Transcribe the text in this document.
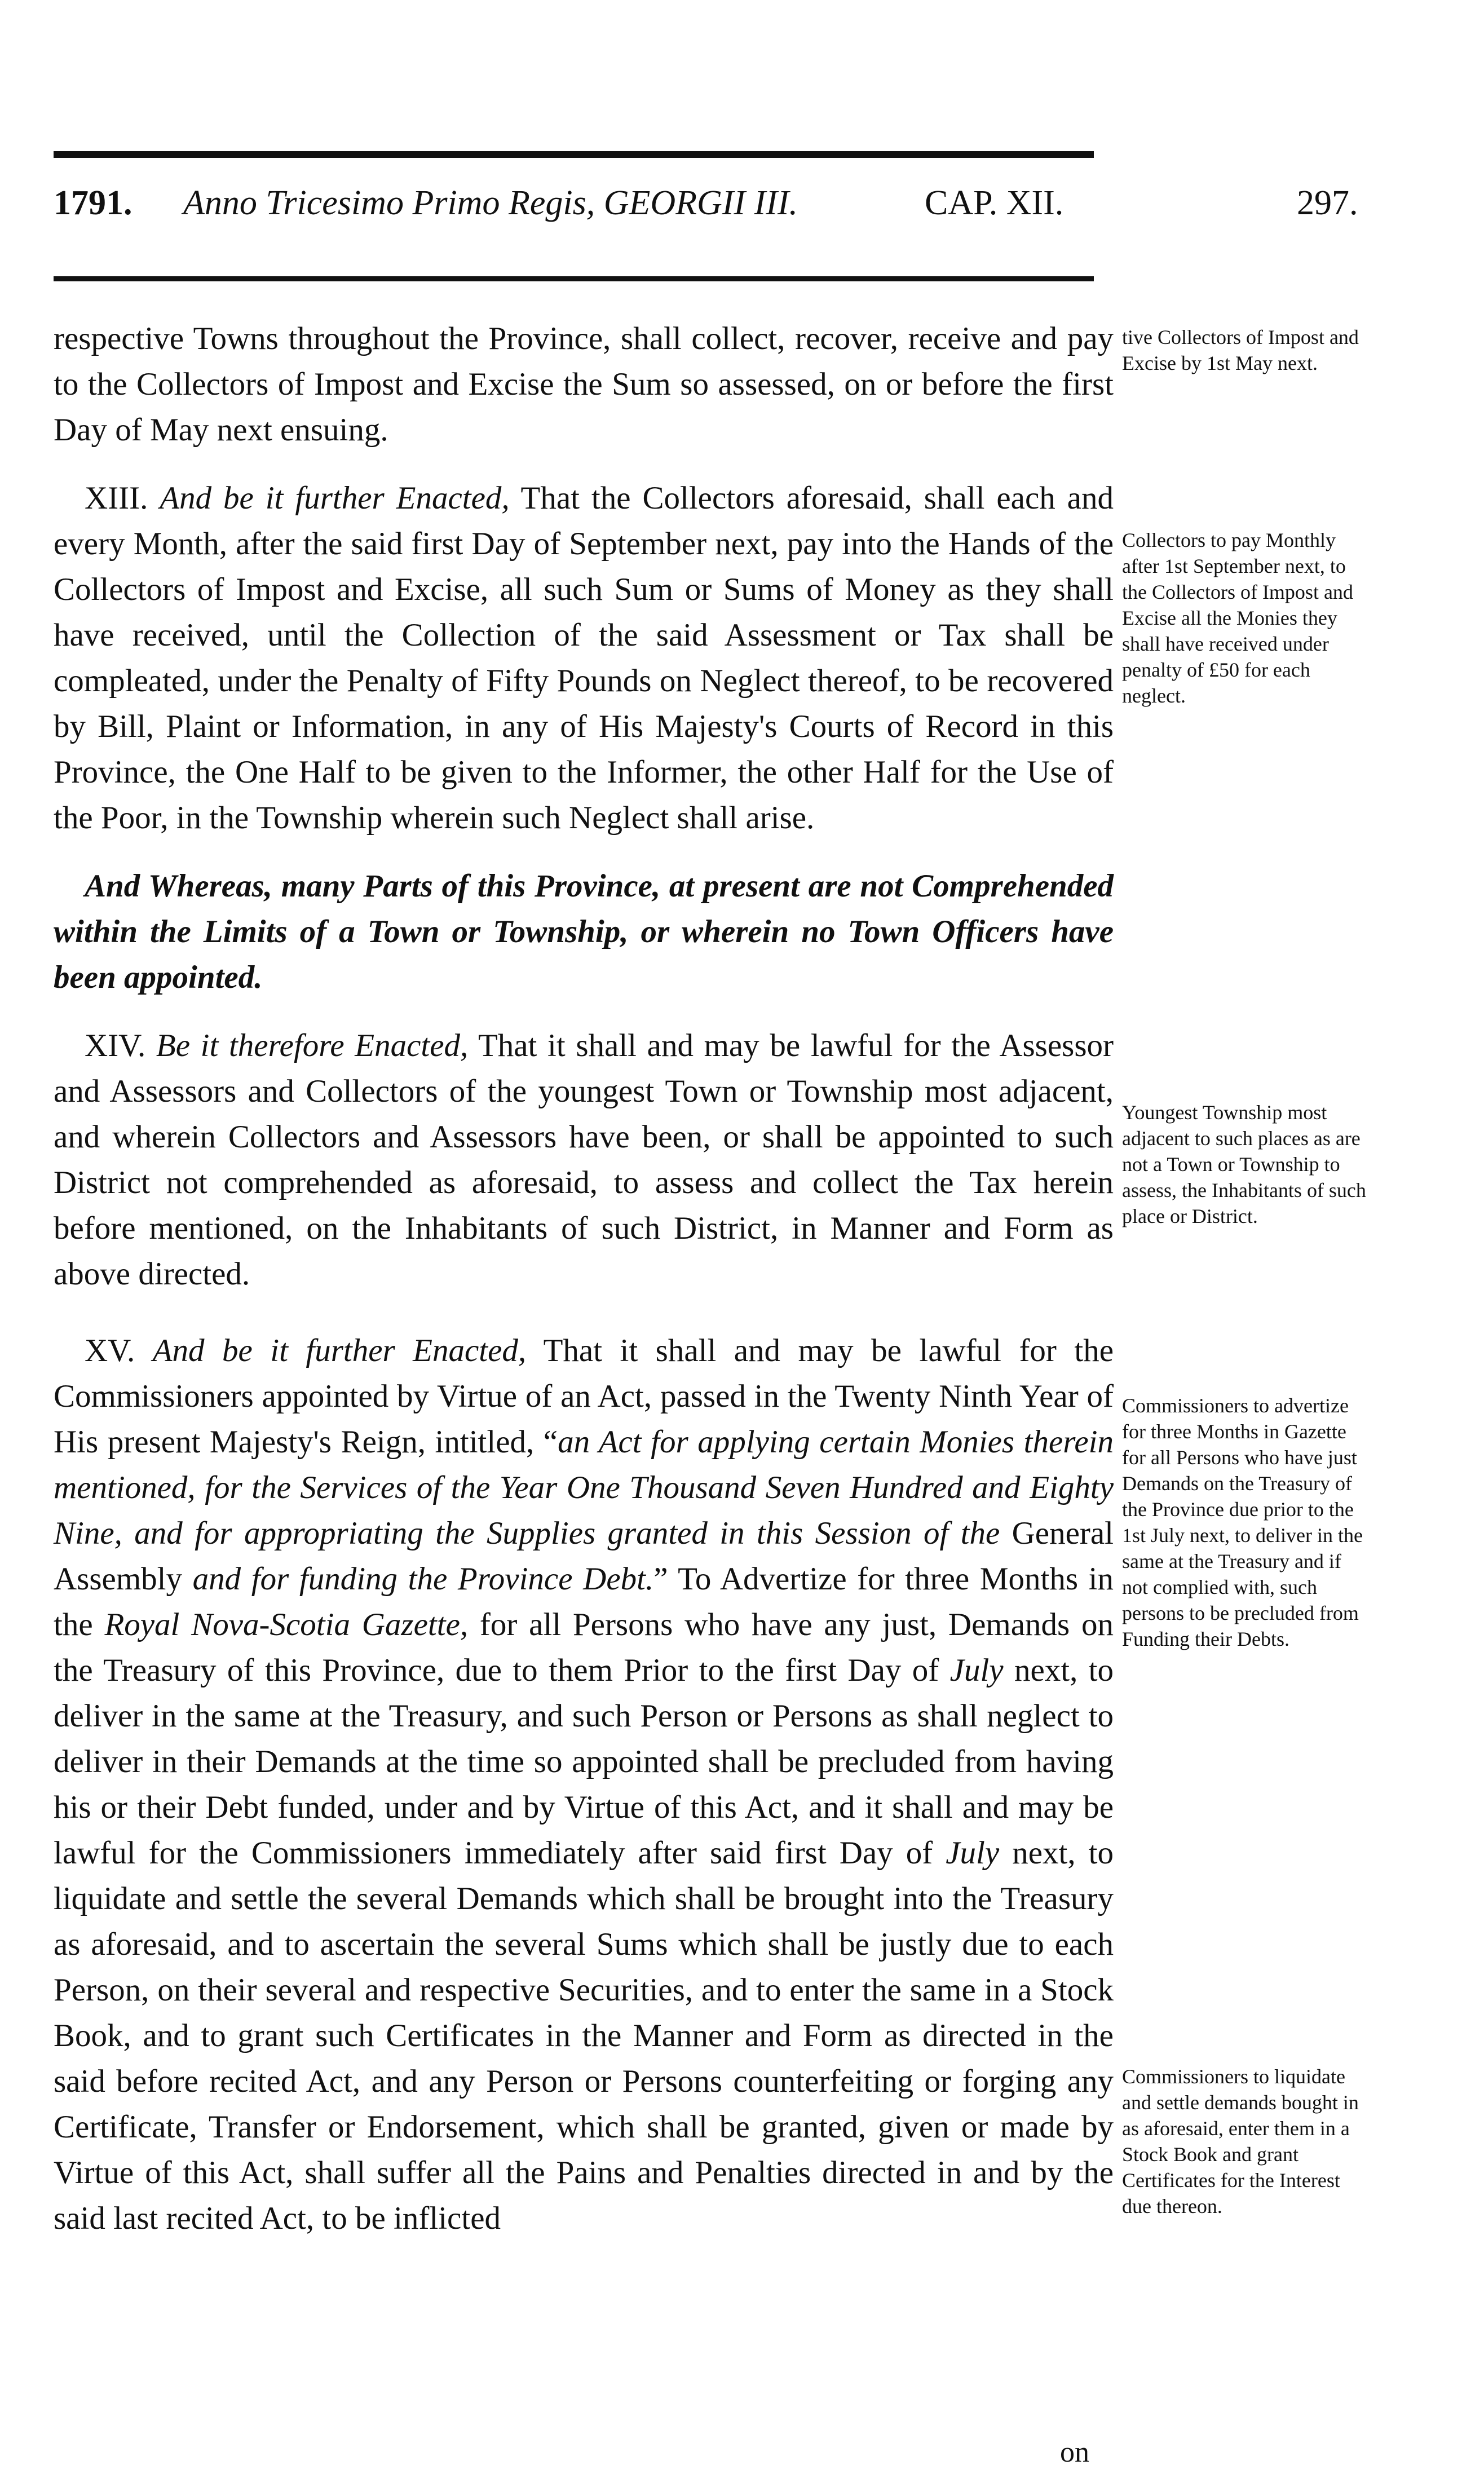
1791. Anno Tricesimo Primo Regis, GEORGII III.	CAP. XII.	297.

respective Towns throughout the Province, shall collect, recover, receive and pay to the Collectors of Impost and Excise the Sum so assessed, on or before the first Day of May next ensuing.

XIII. And be it further Enacted, That the Collectors aforesaid, shall each and every Month, after the said first Day of September next, pay into the Hands of the Collectors of Impost and Excise, all such Sum or Sums of Money as they shall have received, until the Collection of the said Assessment or Tax shall be compleated, under the Penalty of Fifty Pounds on Neglect thereof, to be recovered by Bill, Plaint or Information, in any of His Majesty's Courts of Record in this Province, the One Half to be given to the Informer, the other Half for the Use of the Poor, in the Township wherein such Neglect shall arise.

And Whereas, many Parts of this Province, at present are not Comprehended within the Limits of a Town or Township, or wherein no Town Officers have been appointed.

XIV. Be it therefore Enacted, That it shall and may be lawful for the Assessor and Assessors and Collectors of the youngest Town or Township most adjacent, and wherein Collectors and Assessors have been, or shall be appointed to such District not comprehended as aforesaid, to assess and collect the Tax herein before mentioned, on the Inhabitants of such District, in Manner and Form as above directed.

XV. And be it further Enacted, That it shall and may be lawful for the Commissioners appointed by Virtue of an Act, passed in the Twenty Ninth Year of His present Majesty's Reign, intitled, “an Act for applying certain Monies therein mentioned, for the Services of the Year One Thousand Seven Hundred and Eighty Nine, and for appropriating the Supplies granted in this Session of the General Assembly and for funding the Province Debt.” To Advertize for three Months in the Royal Nova-Scotia Gazette, for all Persons who have any just, Demands on the Treasury of this Province, due to them Prior to the first Day of July next, to deliver in the same at the Treasury, and such Person or Persons as shall neglect to deliver in their Demands at the time so appointed shall be precluded from having his or their Debt funded, under and by Virtue of this Act, and it shall and may be lawful for the Commissioners immediately after said first Day of July next, to liquidate and settle the several Demands which shall be brought into the Treasury as aforesaid, and to ascertain the several Sums which shall be justly due to each Person, on their several and respective Securities, and to enter the same in a Stock Book, and to grant such Certificates in the Manner and Form as directed in the said before recited Act, and any Person or Persons counterfeiting or forging any Certificate, Transfer or Endorsement, which shall be granted, given or made by Virtue of this Act, shall suffer all the Pains and Penalties directed in and by the said last recited Act, to be inflicted

tive Collectors of Impost and Excise by 1st May next.
Collectors to pay Monthly after 1st September next, to the Collectors of Impost and Excise all the Monies they shall have received under penalty of £50 for each neglect.
Youngest Township most adjacent to such places as are not a Town or Township to assess, the Inhabitants of such place or District.
Commissioners to advertize for three Months in Gazette for all Persons who have just Demands on the Treasury of the Province due prior to the 1st July next, to deliver in the same at the Treasury and if not complied with, such persons to be precluded from Funding their Debts.
Commissioners to liquidate and settle demands bought in as aforesaid, enter them in a Stock Book and grant Certificates for the Interest due thereon.
on
